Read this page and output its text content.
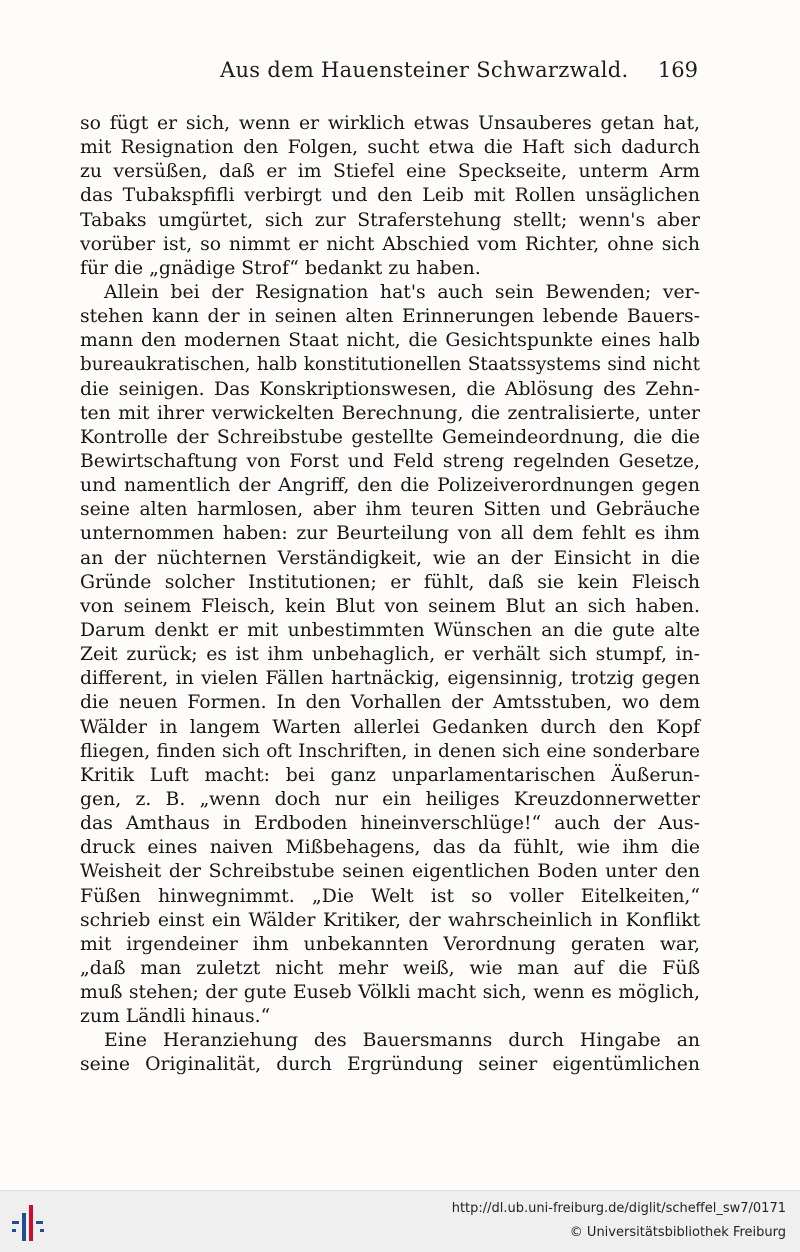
Aus dem Hauensteiner Schwarzwald. 169
so fügt er sich, wenn er wirklich etwas Unsauberes getan hat,
mit Resignation den Folgen, sucht etwa die Haft sich dadurch
zu versüßen, daß er im Stiefel eine Speckseite, unterm Arm
das Tubakspfifli verbirgt und den Leib mit Rollen unsäglichen
Tabaks umgürtet, sich zur Straferstehung stellt; wenn's aber
vorüber ist, so nimmt er nicht Abschied vom Richter, ohne sich
für die „gnädige Strof“ bedankt zu haben.
Allein bei der Resignation hat's auch sein Bewenden; ver-
stehen kann der in seinen alten Erinnerungen lebende Bauers-
mann den modernen Staat nicht, die Gesichtspunkte eines halb
bureaukratischen, halb konstitutionellen Staatssystems sind nicht
die seinigen. Das Konskriptionswesen, die Ablösung des Zehn-
ten mit ihrer verwickelten Berechnung, die zentralisierte, unter
Kontrolle der Schreibstube gestellte Gemeindeordnung, die die
Bewirtschaftung von Forst und Feld streng regelnden Gesetze,
und namentlich der Angriff, den die Polizeiverordnungen gegen
seine alten harmlosen, aber ihm teuren Sitten und Gebräuche
unternommen haben: zur Beurteilung von all dem fehlt es ihm
an der nüchternen Verständigkeit, wie an der Einsicht in die
Gründe solcher Institutionen; er fühlt, daß sie kein Fleisch
von seinem Fleisch, kein Blut von seinem Blut an sich haben.
Darum denkt er mit unbestimmten Wünschen an die gute alte
Zeit zurück; es ist ihm unbehaglich, er verhält sich stumpf, in-
different, in vielen Fällen hartnäckig, eigensinnig, trotzig gegen
die neuen Formen. In den Vorhallen der Amtsstuben, wo dem
Wälder in langem Warten allerlei Gedanken durch den Kopf
fliegen, finden sich oft Inschriften, in denen sich eine sonderbare
Kritik Luft macht: bei ganz unparlamentarischen Äußerun-
gen, z. B. „wenn doch nur ein heiliges Kreuzdonnerwetter
das Amthaus in Erdboden hineinverschlüge!“ auch der Aus-
druck eines naiven Mißbehagens, das da fühlt, wie ihm die
Weisheit der Schreibstube seinen eigentlichen Boden unter den
Füßen hinwegnimmt. „Die Welt ist so voller Eitelkeiten,“
schrieb einst ein Wälder Kritiker, der wahrscheinlich in Konflikt
mit irgendeiner ihm unbekannten Verordnung geraten war,
„daß man zuletzt nicht mehr weiß, wie man auf die Füß
muß stehen; der gute Euseb Völkli macht sich, wenn es möglich,
zum Ländli hinaus.“
Eine Heranziehung des Bauersmanns durch Hingabe an
seine Originalität, durch Ergründung seiner eigentümlichen
http://dl.ub.uni-freiburg.de/diglit/scheffel_sw7/0171
© Universitätsbibliothek Freiburg
